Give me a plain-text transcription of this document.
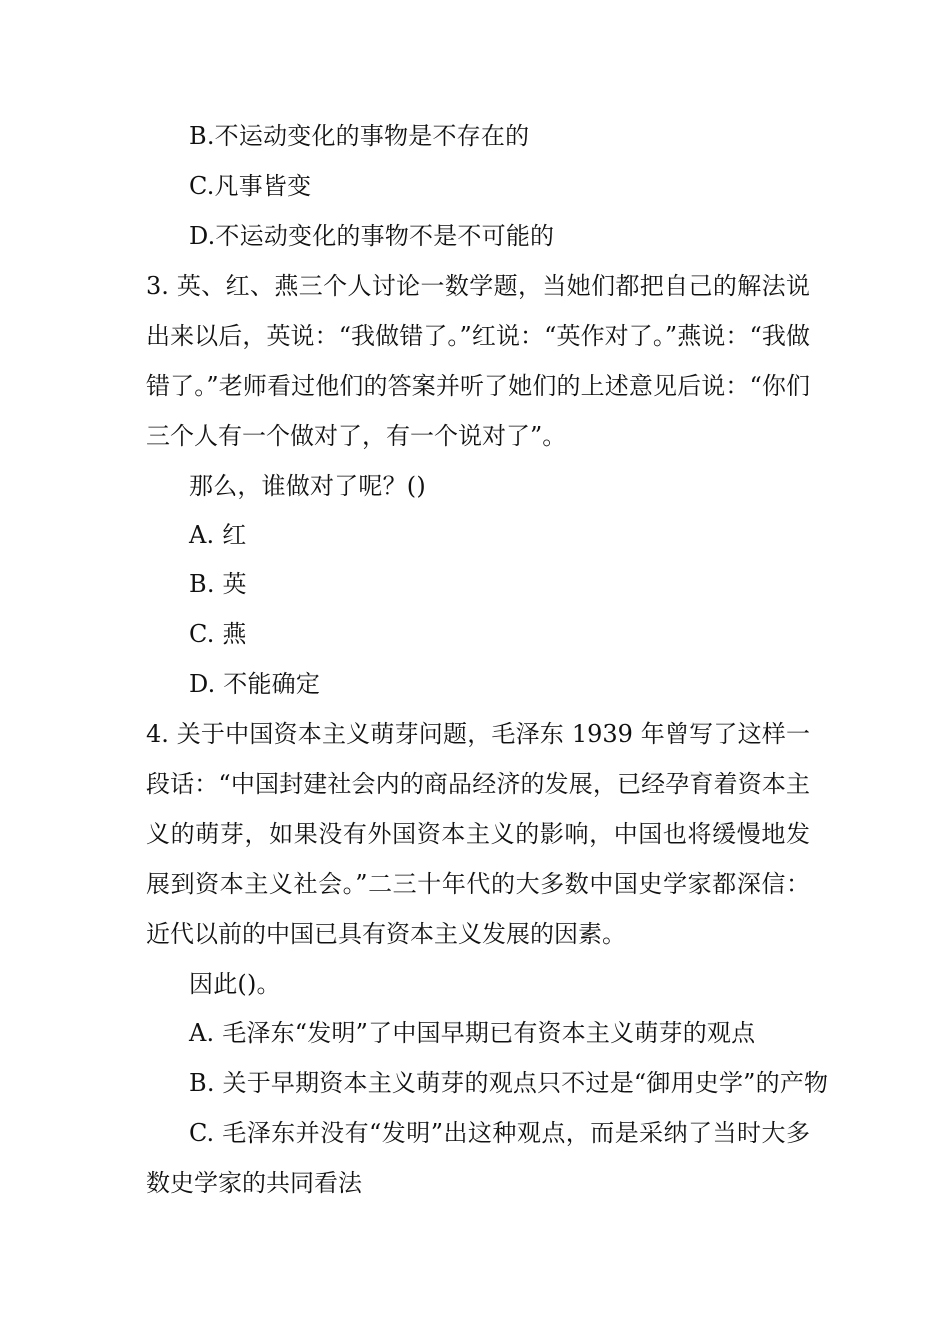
B.不运动变化的事物是不存在的
C.凡事皆变
D.不运动变化的事物不是不可能的
3. 英、红、燕三个人讨论一数学题，当她们都把自己的解法说出来以后，英说：“我做错了。”红说：“英作对了。”燕说：“我做错了。”老师看过他们的答案并听了她们的上述意见后说：“你们三个人有一个做对了，有一个说对了”。
那么，谁做对了呢？()
A. 红
B. 英
C. 燕
D. 不能确定
4. 关于中国资本主义萌芽问题，毛泽东 1939 年曾写了这样一段话：“中国封建社会内的商品经济的发展，已经孕育着资本主义的萌芽，如果没有外国资本主义的影响，中国也将缓慢地发展到资本主义社会。”二三十年代的大多数中国史学家都深信：近代以前的中国已具有资本主义发展的因素。
因此()。
A. 毛泽东“发明”了中国早期已有资本主义萌芽的观点
B. 关于早期资本主义萌芽的观点只不过是“御用史学”的产物
C. 毛泽东并没有“发明”出这种观点，而是采纳了当时大多数史学家的共同看法
